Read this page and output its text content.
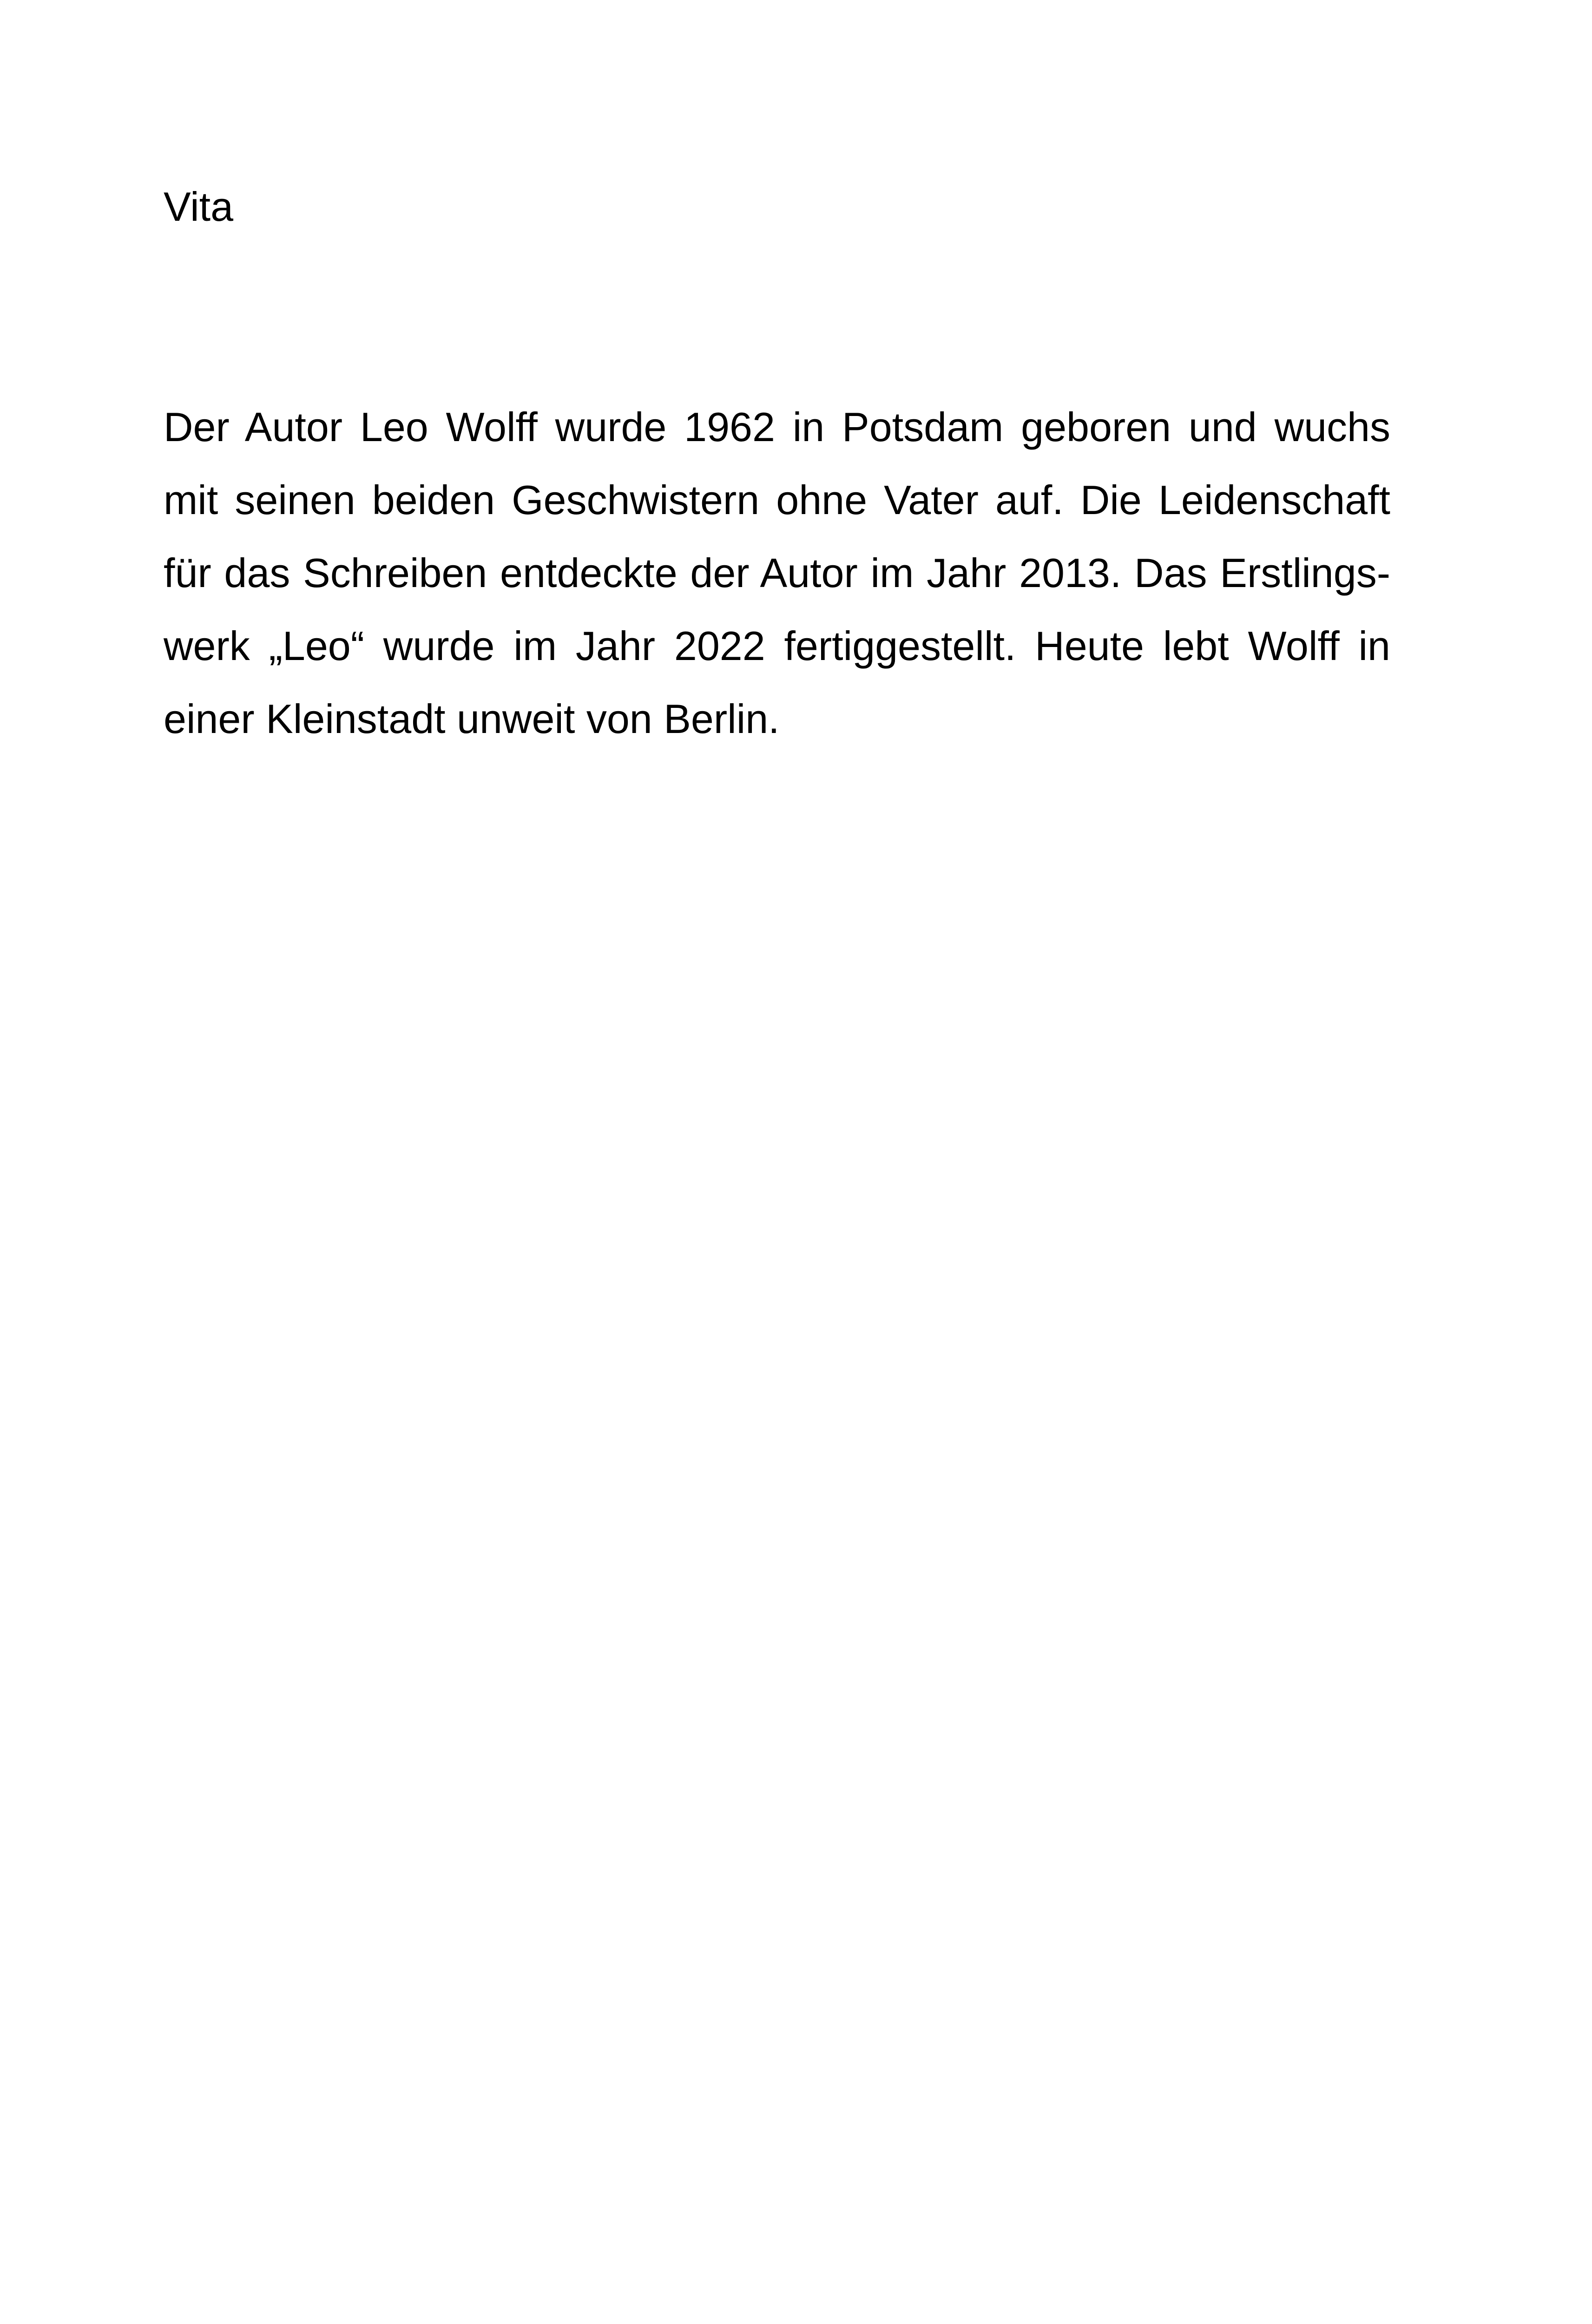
Vita
Der Autor Leo Wolff wurde 1962 in Potsdam geboren und wuchs
mit seinen beiden Geschwistern ohne Vater auf. Die Leidenschaft
für das Schreiben entdeckte der Autor im Jahr 2013. Das Erstlings-
werk „Leo“ wurde im Jahr 2022 fertiggestellt. Heute lebt Wolff in
einer Kleinstadt unweit von Berlin.
